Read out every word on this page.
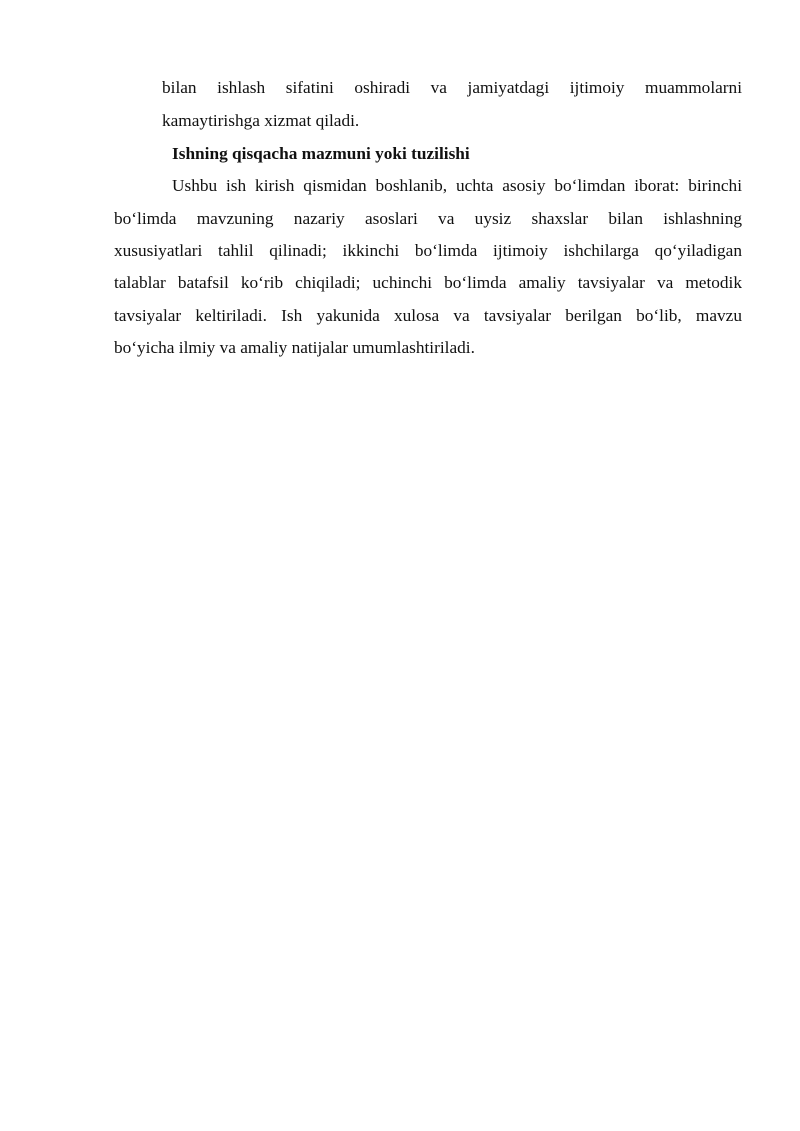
bilan ishlash sifatini oshiradi va jamiyatdagi ijtimoiy muammolarni
kamaytirishga xizmat qiladi.
Ishning qisqacha mazmuni yoki tuzilishi
Ushbu ish kirish qismidan boshlanib, uchta asosiy bo‘limdan iborat: birinchi
bo‘limda mavzuning nazariy asoslari va uysiz shaxslar bilan ishlashning
xususiyatlari tahlil qilinadi; ikkinchi bo‘limda ijtimoiy ishchilarga qo‘yiladigan
talablar batafsil ko‘rib chiqiladi; uchinchi bo‘limda amaliy tavsiyalar va metodik
tavsiyalar keltiriladi. Ish yakunida xulosa va tavsiyalar berilgan bo‘lib, mavzu
bo‘yicha ilmiy va amaliy natijalar umumlashtiriladi.
